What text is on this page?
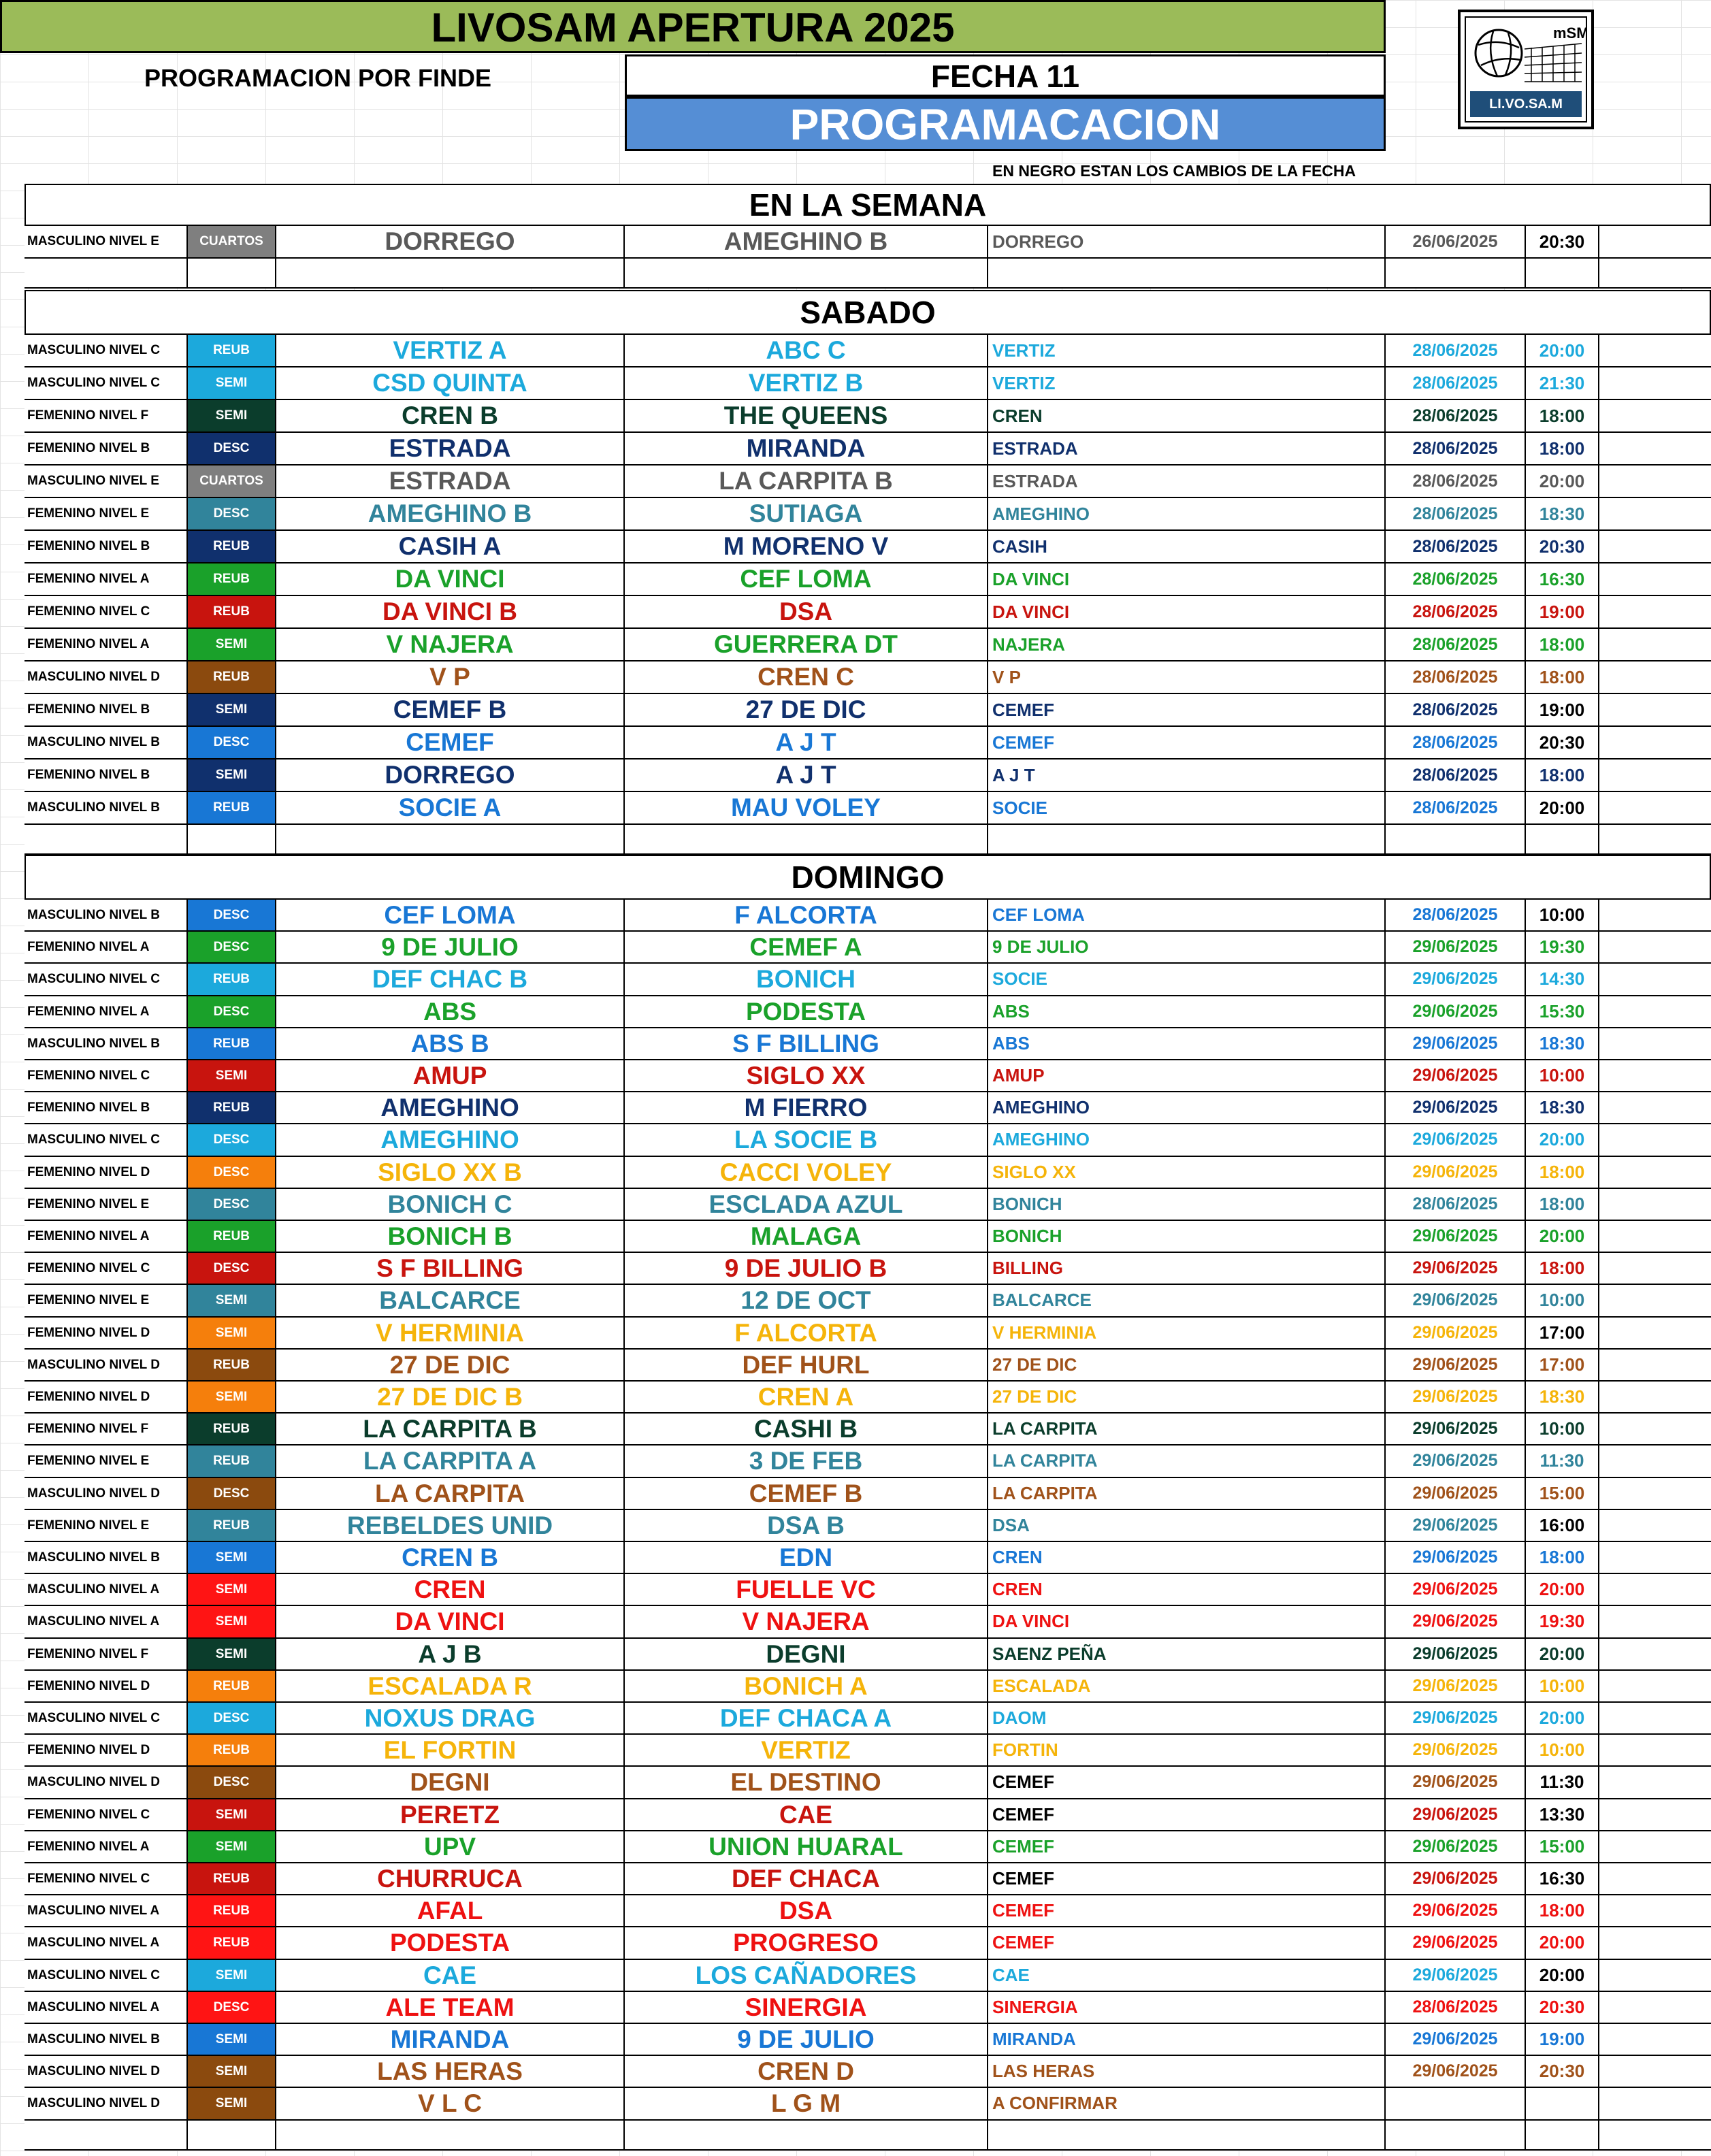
LIVOSAM APERTURA 2025
PROGRAMACION POR FINDE	FECHA 11
PROGRAMACACION
EN NEGRO ESTAN LOS CAMBIOS DE LA FECHA
mSM
LI.VO.SA.M
EN LA SEMANA
MASCULINO NIVEL E	CUARTOS	DORREGO	AMEGHINO B	DORREGO	26/06/2025	20:30
SABADO
MASCULINO NIVEL C	REUB	VERTIZ A	ABC C	VERTIZ	28/06/2025	20:00
MASCULINO NIVEL C	SEMI	CSD QUINTA	VERTIZ B	VERTIZ	28/06/2025	21:30
FEMENINO NIVEL F	SEMI	CREN B	THE QUEENS	CREN	28/06/2025	18:00
FEMENINO NIVEL B	DESC	ESTRADA	MIRANDA	ESTRADA	28/06/2025	18:00
MASCULINO NIVEL E	CUARTOS	ESTRADA	LA CARPITA B	ESTRADA	28/06/2025	20:00
FEMENINO NIVEL E	DESC	AMEGHINO B	SUTIAGA	AMEGHINO	28/06/2025	18:30
FEMENINO NIVEL B	REUB	CASIH A	M MORENO V	CASIH	28/06/2025	20:30
FEMENINO NIVEL A	REUB	DA VINCI	CEF LOMA	DA VINCI	28/06/2025	16:30
FEMENINO NIVEL C	REUB	DA VINCI B	DSA	DA VINCI	28/06/2025	19:00
FEMENINO NIVEL A	SEMI	V NAJERA	GUERRERA DT	NAJERA	28/06/2025	18:00
MASCULINO NIVEL D	REUB	V P	CREN C	V P	28/06/2025	18:00
FEMENINO NIVEL B	SEMI	CEMEF B	27 DE DIC	CEMEF	28/06/2025	19:00
MASCULINO NIVEL B	DESC	CEMEF	A J T	CEMEF	28/06/2025	20:30
FEMENINO NIVEL B	SEMI	DORREGO	A J T	A J T	28/06/2025	18:00
MASCULINO NIVEL B	REUB	SOCIE A	MAU VOLEY	SOCIE	28/06/2025	20:00
DOMINGO
MASCULINO NIVEL B	DESC	CEF LOMA	F ALCORTA	CEF LOMA	28/06/2025	10:00
FEMENINO NIVEL A	DESC	9 DE JULIO	CEMEF A	9 DE JULIO	29/06/2025	19:30
MASCULINO NIVEL C	REUB	DEF CHAC B	BONICH	SOCIE	29/06/2025	14:30
FEMENINO NIVEL A	DESC	ABS	PODESTA	ABS	29/06/2025	15:30
MASCULINO NIVEL B	REUB	ABS B	S F BILLING	ABS	29/06/2025	18:30
FEMENINO NIVEL C	SEMI	AMUP	SIGLO XX	AMUP	29/06/2025	10:00
FEMENINO NIVEL B	REUB	AMEGHINO	M FIERRO	AMEGHINO	29/06/2025	18:30
MASCULINO NIVEL C	DESC	AMEGHINO	LA SOCIE B	AMEGHINO	29/06/2025	20:00
FEMENINO NIVEL D	DESC	SIGLO XX B	CACCI VOLEY	SIGLO XX	29/06/2025	18:00
FEMENINO NIVEL E	DESC	BONICH C	ESCLADA AZUL	BONICH	28/06/2025	18:00
FEMENINO NIVEL A	REUB	BONICH B	MALAGA	BONICH	29/06/2025	20:00
FEMENINO NIVEL C	DESC	S F BILLING	9 DE JULIO B	BILLING	29/06/2025	18:00
FEMENINO NIVEL E	SEMI	BALCARCE	12 DE OCT	BALCARCE	29/06/2025	10:00
FEMENINO NIVEL D	SEMI	V HERMINIA	F ALCORTA	V HERMINIA	29/06/2025	17:00
MASCULINO NIVEL D	REUB	27 DE DIC	DEF HURL	27 DE DIC	29/06/2025	17:00
FEMENINO NIVEL D	SEMI	27 DE DIC B	CREN A	27 DE DIC	29/06/2025	18:30
FEMENINO NIVEL F	REUB	LA CARPITA B	CASHI B	LA CARPITA	29/06/2025	10:00
FEMENINO NIVEL E	REUB	LA CARPITA A	3 DE FEB	LA CARPITA	29/06/2025	11:30
MASCULINO NIVEL D	DESC	LA CARPITA	CEMEF B	LA CARPITA	29/06/2025	15:00
FEMENINO NIVEL E	REUB	REBELDES UNID	DSA B	DSA	29/06/2025	16:00
MASCULINO NIVEL B	SEMI	CREN B	EDN	CREN	29/06/2025	18:00
MASCULINO NIVEL A	SEMI	CREN	FUELLE VC	CREN	29/06/2025	20:00
MASCULINO NIVEL A	SEMI	DA VINCI	V NAJERA	DA VINCI	29/06/2025	19:30
FEMENINO NIVEL F	SEMI	A J B	DEGNI	SAENZ PEÑA	29/06/2025	20:00
FEMENINO NIVEL D	REUB	ESCALADA R	BONICH A	ESCALADA	29/06/2025	10:00
MASCULINO NIVEL C	DESC	NOXUS DRAG	DEF CHACA A	DAOM	29/06/2025	20:00
FEMENINO NIVEL D	REUB	EL FORTIN	VERTIZ	FORTIN	29/06/2025	10:00
MASCULINO NIVEL D	DESC	DEGNI	EL DESTINO	CEMEF	29/06/2025	11:30
FEMENINO NIVEL C	SEMI	PERETZ	CAE	CEMEF	29/06/2025	13:30
FEMENINO NIVEL A	SEMI	UPV	UNION HUARAL	CEMEF	29/06/2025	15:00
FEMENINO NIVEL C	REUB	CHURRUCA	DEF CHACA	CEMEF	29/06/2025	16:30
MASCULINO NIVEL A	REUB	AFAL	DSA	CEMEF	29/06/2025	18:00
MASCULINO NIVEL A	REUB	PODESTA	PROGRESO	CEMEF	29/06/2025	20:00
MASCULINO NIVEL C	SEMI	CAE	LOS CAÑADORES	CAE	29/06/2025	20:00
MASCULINO NIVEL A	DESC	ALE TEAM	SINERGIA	SINERGIA	28/06/2025	20:30
MASCULINO NIVEL B	SEMI	MIRANDA	9 DE JULIO	MIRANDA	29/06/2025	19:00
MASCULINO NIVEL D	SEMI	LAS HERAS	CREN D	LAS HERAS	29/06/2025	20:30
MASCULINO NIVEL D	SEMI	V L C	L G M	A CONFIRMAR
